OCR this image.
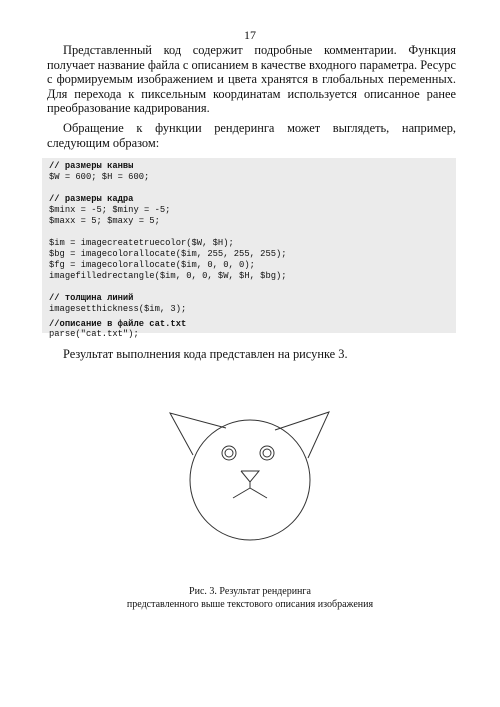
17

Представленный код содержит подробные комментарии. Функция получает название файла с описанием в качестве входного параметра. Ресурс с формируемым изображением и цвета хранятся в глобальных переменных. Для перехода к пиксельным координатам используется описанное ранее преобразование кадрирования.

Обращение к функции рендеринга может выглядеть, например, следующим образом:

// размеры канвы
$W = 600; $H = 600;
// размеры кадра
$minx = -5; $miny = -5;
$maxx = 5; $maxy = 5;
$im = imagecreatetruecolor($W, $H);
$bg = imagecolorallocate($im, 255, 255, 255);
$fg = imagecolorallocate($im, 0, 0, 0);
imagefilledrectangle($im, 0, 0, $W, $H, $bg);
// толщина линий
imagesetthickness($im, 3);
//описание в файле cat.txt
parse("cat.txt");

Результат выполнения кода представлен на рисунке 3.

Рис. 3. Результат рендеринга
представленного выше текстового описания изображения
